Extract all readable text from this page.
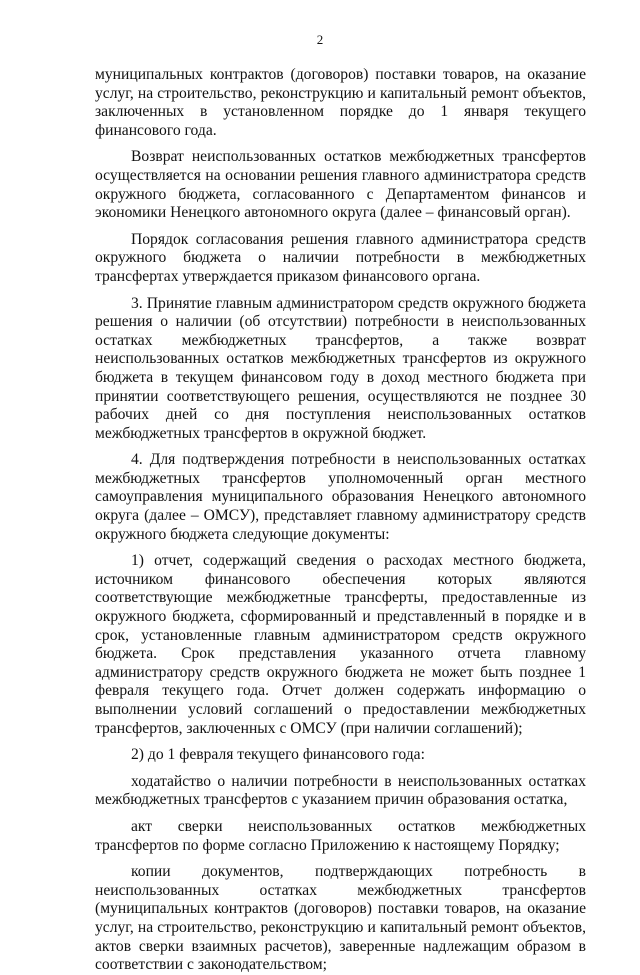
2

муниципальных контрактов (договоров) поставки товаров, на оказание услуг, на строительство, реконструкцию и капитальный ремонт объектов, заключенных в установленном порядке до 1 января текущего финансового года.

Возврат неиспользованных остатков межбюджетных трансфертов осуществляется на основании решения главного администратора средств окружного бюджета, согласованного с Департаментом финансов и экономики Ненецкого автономного округа (далее – финансовый орган).

Порядок согласования решения главного администратора средств окружного бюджета о наличии потребности в межбюджетных трансфертах утверждается приказом финансового органа.

3. Принятие главным администратором средств окружного бюджета решения о наличии (об отсутствии) потребности в неиспользованных остатках межбюджетных трансфертов, а также возврат неиспользованных остатков межбюджетных трансфертов из окружного бюджета в текущем финансовом году в доход местного бюджета при принятии соответствующего решения, осуществляются не позднее 30 рабочих дней со дня поступления неиспользованных остатков межбюджетных трансфертов в окружной бюджет.

4. Для подтверждения потребности в неиспользованных остатках межбюджетных трансфертов уполномоченный орган местного самоуправления муниципального образования Ненецкого автономного округа (далее – ОМСУ), представляет главному администратору средств окружного бюджета следующие документы:

1) отчет, содержащий сведения о расходах местного бюджета, источником финансового обеспечения которых являются соответствующие межбюджетные трансферты, предоставленные из окружного бюджета, сформированный и представленный в порядке и в срок, установленные главным администратором средств окружного бюджета. Срок представления указанного отчета главному администратору средств окружного бюджета не может быть позднее 1 февраля текущего года. Отчет должен содержать информацию о выполнении условий соглашений о предоставлении межбюджетных трансфертов, заключенных с ОМСУ (при наличии соглашений);

2) до 1 февраля текущего финансового года:

ходатайство о наличии потребности в неиспользованных остатках межбюджетных трансфертов с указанием причин образования остатка,

акт сверки неиспользованных остатков межбюджетных трансфертов по форме согласно Приложению к настоящему Порядку;

копии документов, подтверждающих потребность в неиспользованных остатках межбюджетных трансфертов (муниципальных контрактов (договоров) поставки товаров, на оказание услуг, на строительство, реконструкцию и капитальный ремонт объектов, актов сверки взаимных расчетов), заверенные надлежащим образом в соответствии с законодательством;
